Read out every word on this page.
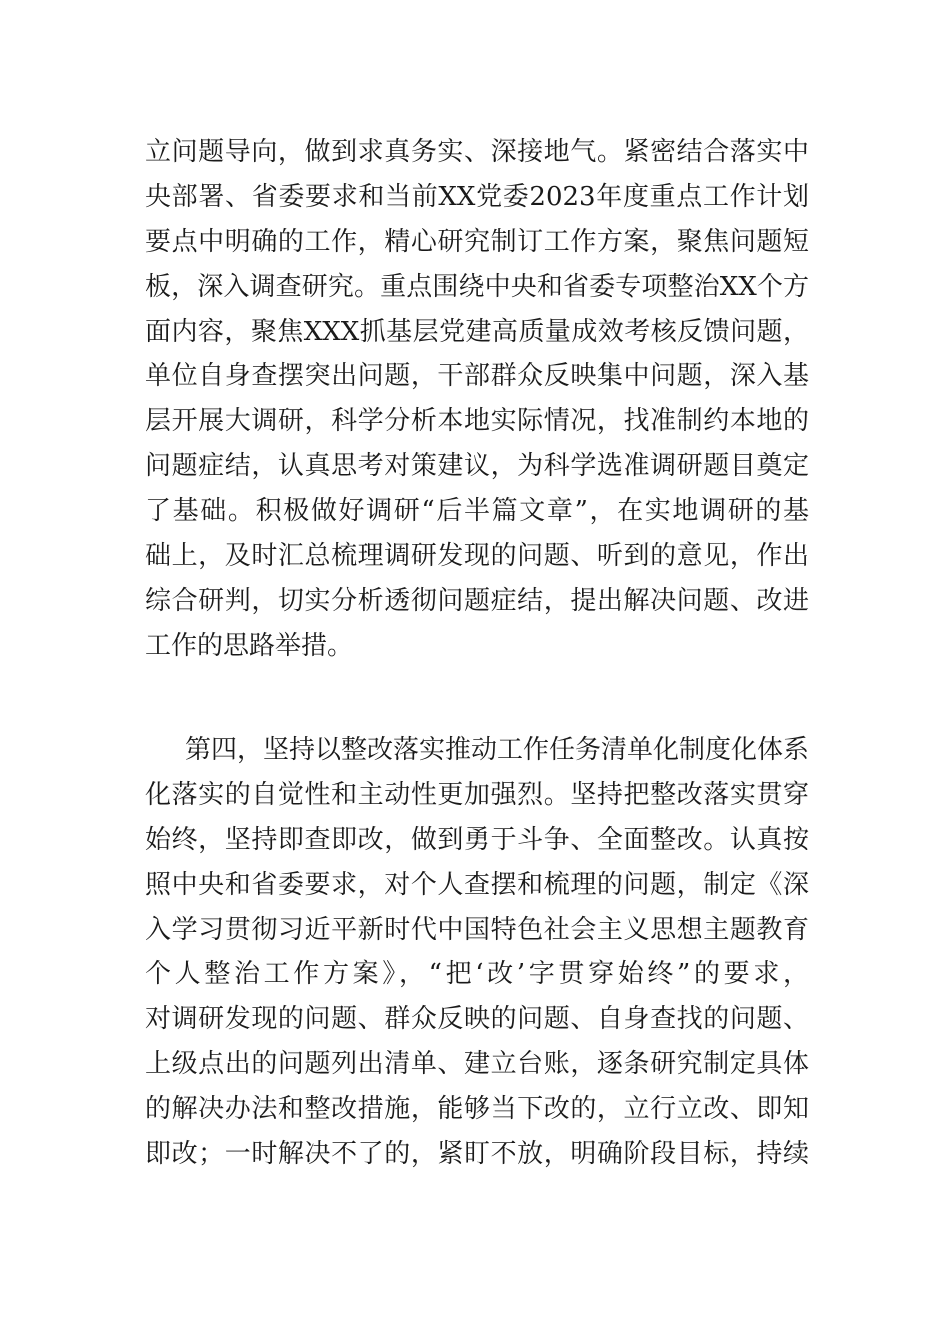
立问题导向，做到求真务实、深接地气。紧密结合落实中
央部署、省委要求和当前XX党委2023年度重点工作计划
要点中明确的工作，精心研究制订工作方案，聚焦问题短
板，深入调查研究。重点围绕中央和省委专项整治XX个方
面内容，聚焦XXX抓基层党建高质量成效考核反馈问题，
单位自身查摆突出问题，干部群众反映集中问题，深入基
层开展大调研，科学分析本地实际情况，找准制约本地的
问题症结，认真思考对策建议，为科学选准调研题目奠定
了基础。积极做好调研“后半篇文章”，在实地调研的基
础上，及时汇总梳理调研发现的问题、听到的意见，作出
综合研判，切实分析透彻问题症结，提出解决问题、改进
工作的思路举措。
第四，坚持以整改落实推动工作任务清单化制度化体系
化落实的自觉性和主动性更加强烈。坚持把整改落实贯穿
始终，坚持即查即改，做到勇于斗争、全面整改。认真按
照中央和省委要求，对个人查摆和梳理的问题，制定《深
入学习贯彻习近平新时代中国特色社会主义思想主题教育
个人整治工作方案》，“把‘改’字贯穿始终”的要求，
对调研发现的问题、群众反映的问题、自身查找的问题、
上级点出的问题列出清单、建立台账，逐条研究制定具体
的解决办法和整改措施，能够当下改的，立行立改、即知
即改；一时解决不了的，紧盯不放，明确阶段目标，持续
